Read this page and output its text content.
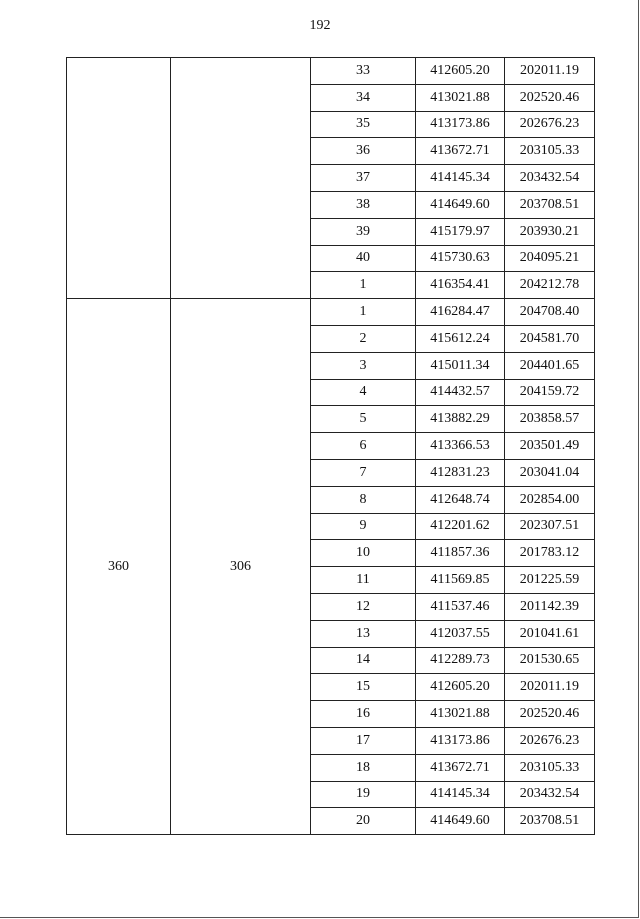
192
		33	412605.20	202011.19
		34	413021.88	202520.46
		35	413173.86	202676.23
		36	413672.71	203105.33
		37	414145.34	203432.54
		38	414649.60	203708.51
		39	415179.97	203930.21
		40	415730.63	204095.21
		1	416354.41	204212.78
360	306	1	416284.47	204708.40
		2	415612.24	204581.70
		3	415011.34	204401.65
		4	414432.57	204159.72
		5	413882.29	203858.57
		6	413366.53	203501.49
		7	412831.23	203041.04
		8	412648.74	202854.00
		9	412201.62	202307.51
		10	411857.36	201783.12
		11	411569.85	201225.59
		12	411537.46	201142.39
		13	412037.55	201041.61
		14	412289.73	201530.65
		15	412605.20	202011.19
		16	413021.88	202520.46
		17	413173.86	202676.23
		18	413672.71	203105.33
		19	414145.34	203432.54
		20	414649.60	203708.51
